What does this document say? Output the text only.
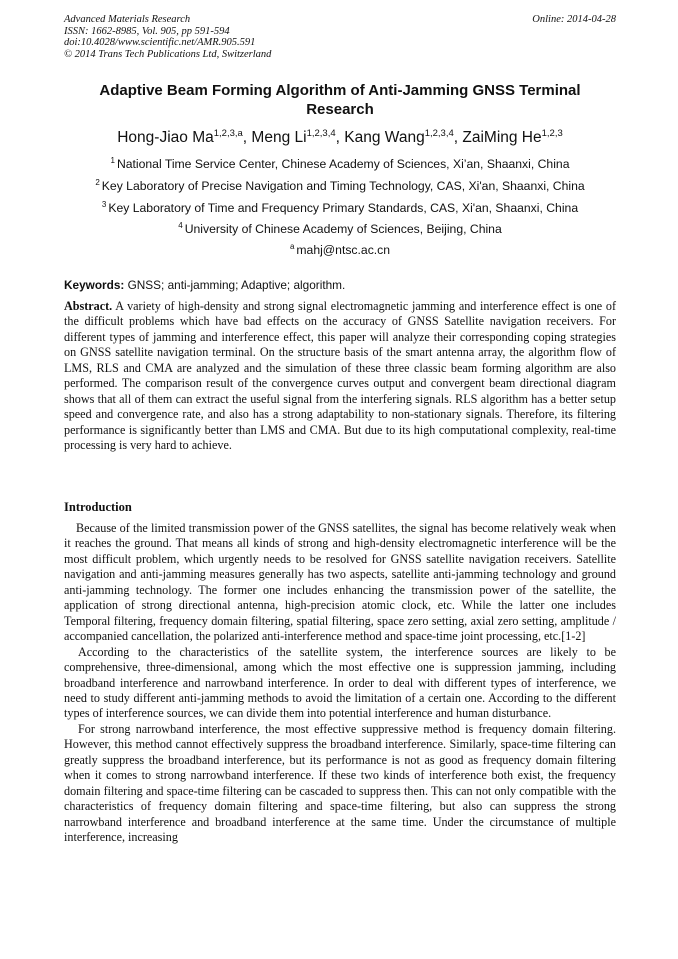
Advanced Materials Research
ISSN: 1662-8985, Vol. 905, pp 591-594
doi:10.4028/www.scientific.net/AMR.905.591
© 2014 Trans Tech Publications Ltd, Switzerland
Online: 2014-04-28
Adaptive Beam Forming Algorithm of Anti-Jamming GNSS Terminal Research
Hong-Jiao Ma$^{1,2,3,a}$, Meng Li$^{1,2,3,4}$, Kang Wang$^{1,2,3,4}$, ZaiMing He$^{1,2,3}$
$^1$ National Time Service Center, Chinese Academy of Sciences, Xi’an, Shaanxi, China
$^2$ Key Laboratory of Precise Navigation and Timing Technology, CAS, Xi'an, Shaanxi, China
$^3$ Key Laboratory of Time and Frequency Primary Standards, CAS, Xi'an, Shaanxi, China
$^4$ University of Chinese Academy of Sciences, Beijing, China
$^a$ mahj@ntsc.ac.cn
Keywords: GNSS; anti-jamming; Adaptive; algorithm.
Abstract. A variety of high-density and strong signal electromagnetic jamming and interference effect is one of the difficult problems which have bad effects on the accuracy of GNSS Satellite navigation receivers. For different types of jamming and interference effect, this paper will analyze their corresponding coping strategies on GNSS satellite navigation terminal. On the structure basis of the smart antenna array, the algorithm flow of LMS, RLS and CMA are analyzed and the simulation of these three classic beam forming algorithm are also performed. The comparison result of the convergence curves output and convergent beam directional diagram shows that all of them can extract the useful signal from the interfering signals. RLS algorithm has a better setup speed and convergence rate, and also has a strong adaptability to non-stationary signals. Therefore, its filtering performance is significantly better than LMS and CMA. But due to its high computational complexity, real-time processing is very hard to achieve.
Introduction
Because of the limited transmission power of the GNSS satellites, the signal has become relatively weak when it reaches the ground. That means all kinds of strong and high-density electromagnetic interference will be the most difficult problem, which urgently needs to be resolved for GNSS satellite navigation receivers. Satellite navigation and anti-jamming measures generally has two aspects, satellite anti-jamming technology and ground anti-jamming technology. The former one includes enhancing the transmission power of the satellite, the application of strong directional antenna, high-precision atomic clock, etc. While the latter one includes Temporal filtering, frequency domain filtering, spatial filtering, space zero setting, axial zero setting, amplitude / accompanied cancellation, the polarized anti-interference method and space-time joint processing, etc.[1-2]
According to the characteristics of the satellite system, the interference sources are likely to be comprehensive, three-dimensional, among which the most effective one is suppression jamming, including broadband interference and narrowband interference. In order to deal with different types of interference, we need to study different anti-jamming methods to avoid the limitation of a certain one. According to the different types of interference sources, we can divide them into potential interference and human disturbance.
For strong narrowband interference, the most effective suppressive method is frequency domain filtering. However, this method cannot effectively suppress the broadband interference. Similarly, space-time filtering can greatly suppress the broadband interference, but its performance is not as good as frequency domain filtering when it comes to strong narrowband interference. If these two kinds of interference both exist, the frequency domain filtering and space-time filtering can be cascaded to suppress then. This can not only compatible with the characteristics of frequency domain filtering and space-time filtering, but also can suppress the strong narrowband interference and broadband interference at the same time. Under the circumstance of multiple interference, increasing
